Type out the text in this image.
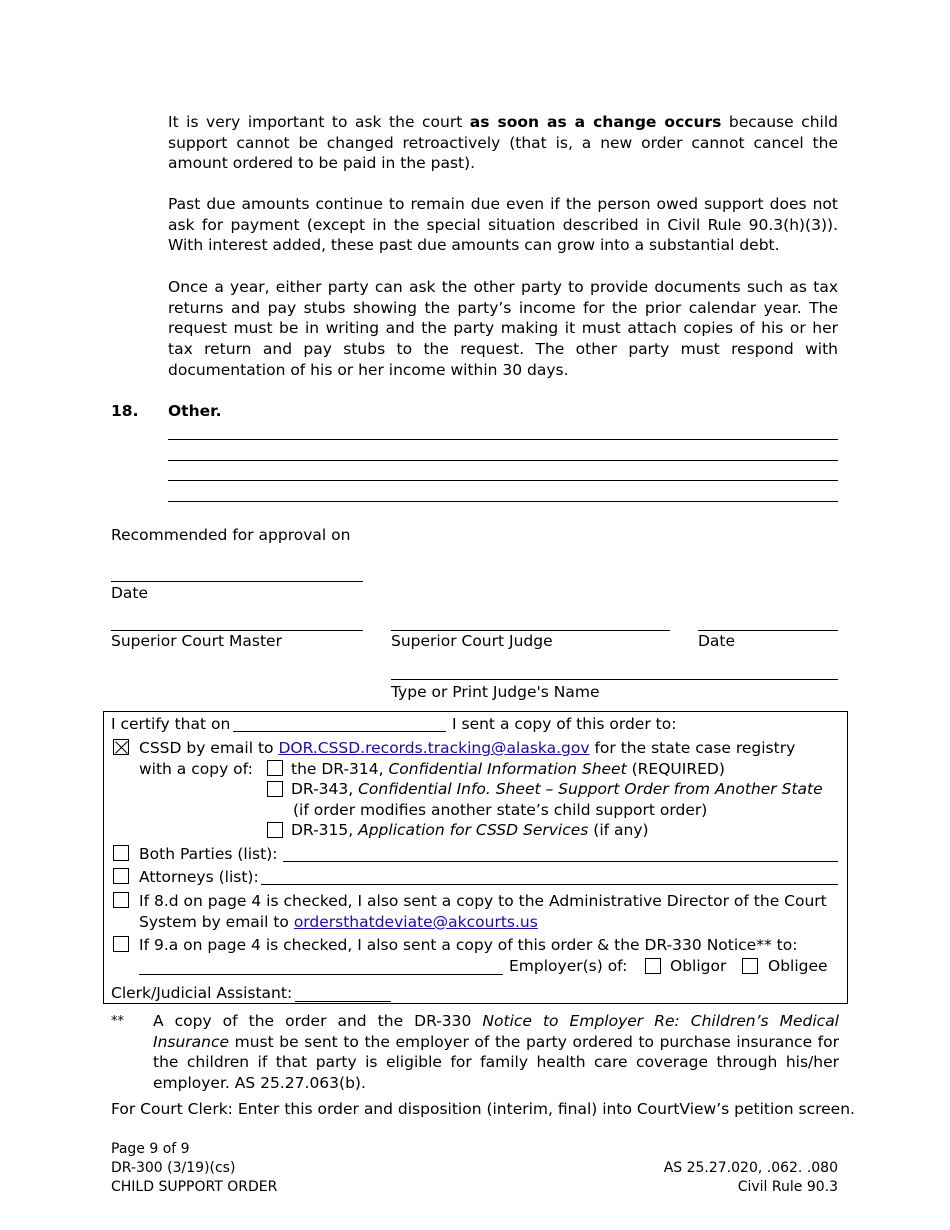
It is very important to ask the court as soon as a change occurs because child support cannot be changed retroactively (that is, a new order cannot cancel the amount ordered to be paid in the past).
Past due amounts continue to remain due even if the person owed support does not ask for payment (except in the special situation described in Civil Rule 90.3(h)(3)). With interest added, these past due amounts can grow into a substantial debt.
Once a year, either party can ask the other party to provide documents such as tax returns and pay stubs showing the party’s income for the prior calendar year. The request must be in writing and the party making it must attach copies of his or her tax return and pay stubs to the request. The other party must respond with documentation of his or her income within 30 days.
18. Other.
Recommended for approval on
Date
Superior Court Master	Superior Court Judge	Date
Type or Print Judge's Name
I certify that on	I sent a copy of this order to:
CSSD by email to DOR.CSSD.records.tracking@alaska.gov for the state case registry
with a copy of: the DR-314, Confidential Information Sheet (REQUIRED)
DR-343, Confidential Info. Sheet – Support Order from Another State
(if order modifies another state’s child support order)
DR-315, Application for CSSD Services (if any)
Both Parties (list):
Attorneys (list):
If 8.d on page 4 is checked, I also sent a copy to the Administrative Director of the Court
System by email to ordersthatdeviate@akcourts.us
If 9.a on page 4 is checked, I also sent a copy of this order & the DR-330 Notice** to:
Employer(s) of:	Obligor	Obligee
Clerk/Judicial Assistant:
** A copy of the order and the DR-330 Notice to Employer Re: Children’s Medical Insurance must be sent to the employer of the party ordered to purchase insurance for the children if that party is eligible for family health care coverage through his/her employer. AS 25.27.063(b).
For Court Clerk: Enter this order and disposition (interim, final) into CourtView’s petition screen.
Page 9 of 9
DR-300 (3/19)(cs)
CHILD SUPPORT ORDER
AS 25.27.020, .062. .080
Civil Rule 90.3
